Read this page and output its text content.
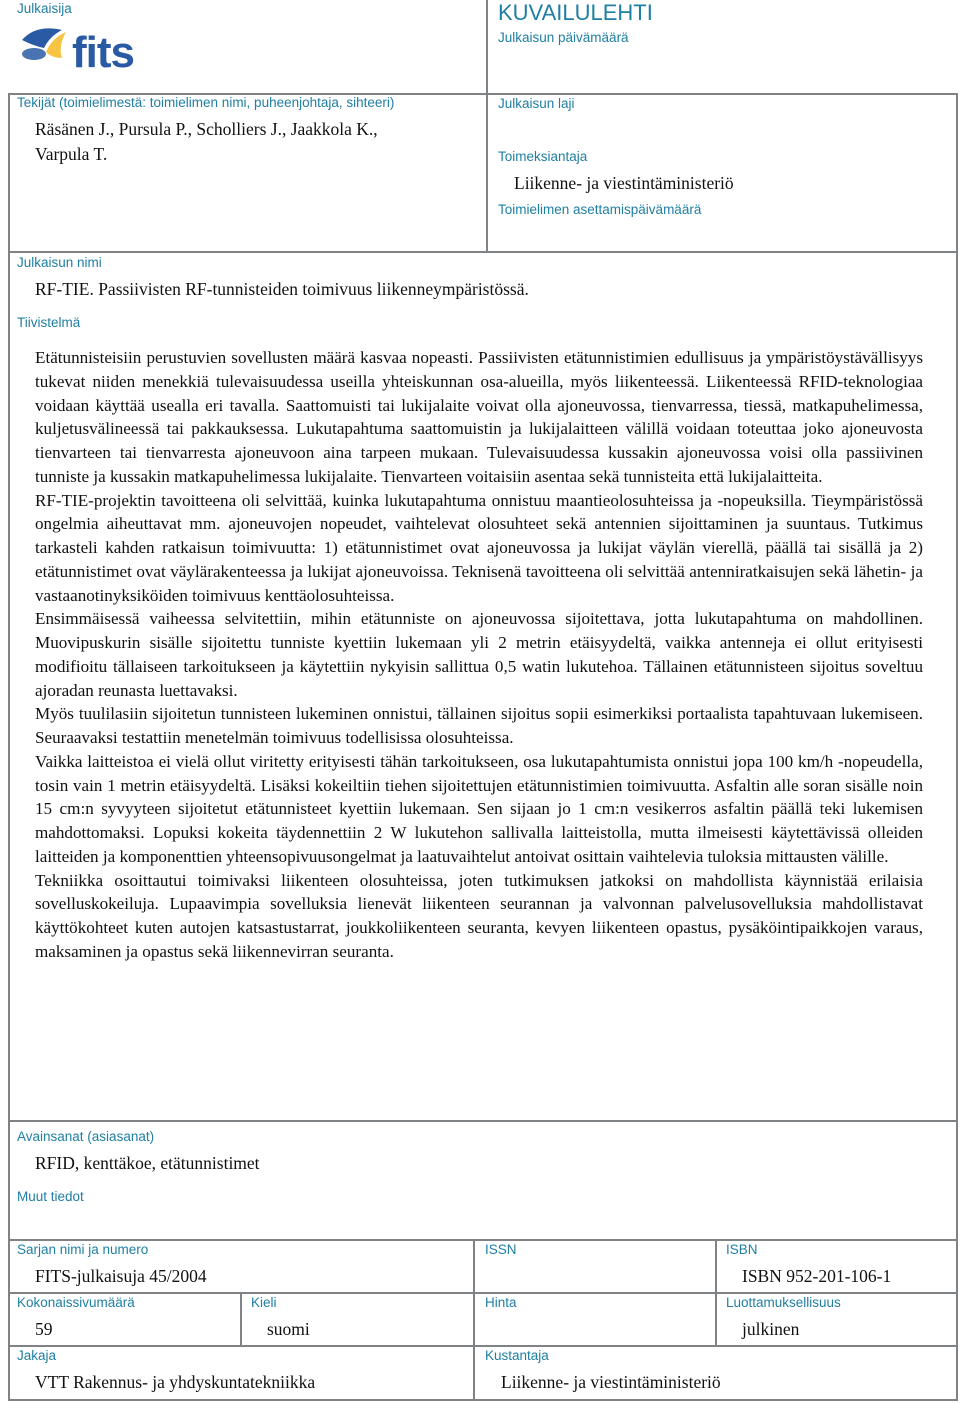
Julkaisija
fits
KUVAILULEHTI
Julkaisun päivämäärä
Tekijät (toimielimestä: toimielimen nimi, puheenjohtaja, sihteeri)
Räsänen J., Pursula P., Scholliers J., Jaakkola K.,
Varpula T.
Julkaisun laji
Toimeksiantaja
Liikenne- ja viestintäministeriö
Toimielimen asettamispäivämäärä
Julkaisun nimi
RF-TIE. Passiivisten RF-tunnisteiden toimivuus liikenneympäristössä.
Tiivistelmä

Etätunnisteisiin perustuvien sovellusten määrä kasvaa nopeasti. Passiivisten etätunnistimien edullisuus ja ympäristöystävällisyys tukevat niiden menekkiä tulevaisuudessa useilla yhteiskunnan osa-alueilla, myös liikenteessä. Liikenteessä RFID-teknologiaa voidaan käyttää usealla eri tavalla. Saattomuisti tai lukijalaite voivat olla ajoneuvossa, tienvarressa, tiessä, matkapuhelimessa, kuljetusvälineessä tai pakkauksessa. Lukutapahtuma saattomuistin ja lukijalaitteen välillä voidaan toteuttaa joko ajoneuvosta tienvarteen tai tienvarresta ajoneuvoon aina tarpeen mukaan. Tulevaisuudessa kussakin ajoneuvossa voisi olla passiivinen tunniste ja kussakin matkapuhelimessa lukijalaite. Tienvarteen voitaisiin asentaa sekä tunnisteita että lukijalaitteita.

RF-TIE-projektin tavoitteena oli selvittää, kuinka lukutapahtuma onnistuu maantieolosuhteissa ja -nopeuksilla. Tieympäristössä ongelmia aiheuttavat mm. ajoneuvojen nopeudet, vaihtelevat olosuhteet sekä antennien sijoittaminen ja suuntaus. Tutkimus tarkasteli kahden ratkaisun toimivuutta: 1) etätunnistimet ovat ajoneuvossa ja lukijat väylän vierellä, päällä tai sisällä ja 2) etätunnistimet ovat väylärakenteessa ja lukijat ajoneuvoissa. Teknisenä tavoitteena oli selvittää antenniratkaisujen sekä lähetin- ja vastaanotinyksiköiden toimivuus kenttäolosuhteissa.

Ensimmäisessä vaiheessa selvitettiin, mihin etätunniste on ajoneuvossa sijoitettava, jotta lukutapahtuma on mahdollinen. Muovipuskurin sisälle sijoitettu tunniste kyettiin lukemaan yli 2 metrin etäisyydeltä, vaikka antenneja ei ollut erityisesti modifioitu tällaiseen tarkoitukseen ja käytettiin nykyisin sallittua 0,5 watin lukutehoa. Tällainen etätunnisteen sijoitus soveltuu ajoradan reunasta luettavaksi.

Myös tuulilasiin sijoitetun tunnisteen lukeminen onnistui, tällainen sijoitus sopii esimerkiksi portaalista tapahtuvaan lukemiseen. Seuraavaksi testattiin menetelmän toimivuus todellisissa olosuhteissa.

Vaikka laitteistoa ei vielä ollut viritetty erityisesti tähän tarkoitukseen, osa lukutapahtumista onnistui jopa 100 km/h -nopeudella, tosin vain 1 metrin etäisyydeltä. Lisäksi kokeiltiin tiehen sijoitettujen etätunnistimien toimivuutta. Asfaltin alle soran sisälle noin 15 cm:n syvyyteen sijoitetut etätunnisteet kyettiin lukemaan. Sen sijaan jo 1 cm:n vesikerros asfaltin päällä teki lukemisen mahdottomaksi. Lopuksi kokeita täydennettiin 2 W lukutehon sallivalla laitteistolla, mutta ilmeisesti käytettävissä olleiden laitteiden ja komponenttien yhteensopivuusongelmat ja laatuvaihtelut antoivat osittain vaihtelevia tuloksia mittausten välille.

Tekniikka osoittautui toimivaksi liikenteen olosuhteissa, joten tutkimuksen jatkoksi on mahdollista käynnistää erilaisia sovelluskokeiluja. Lupaavimpia sovelluksia lienevät liikenteen seurannan ja valvonnan palvelusovelluksia mahdollistavat käyttökohteet kuten autojen katsastustarrat, joukkoliikenteen seuranta, kevyen liikenteen opastus, pysäköintipaikkojen varaus, maksaminen ja opastus sekä liikennevirran seuranta.

Avainsanat (asiasanat)
RFID, kenttäkoe, etätunnistimet
Muut tiedot
Sarjan nimi ja numero
FITS-julkaisuja 45/2004
ISSN	ISBN
ISBN 952-201-106-1
Kokonaissivumäärä
59
Kieli
suomi
Hinta	Luottamuksellisuus
julkinen
Jakaja
VTT Rakennus- ja yhdyskuntatekniikka
Kustantaja
Liikenne- ja viestintäministeriö
